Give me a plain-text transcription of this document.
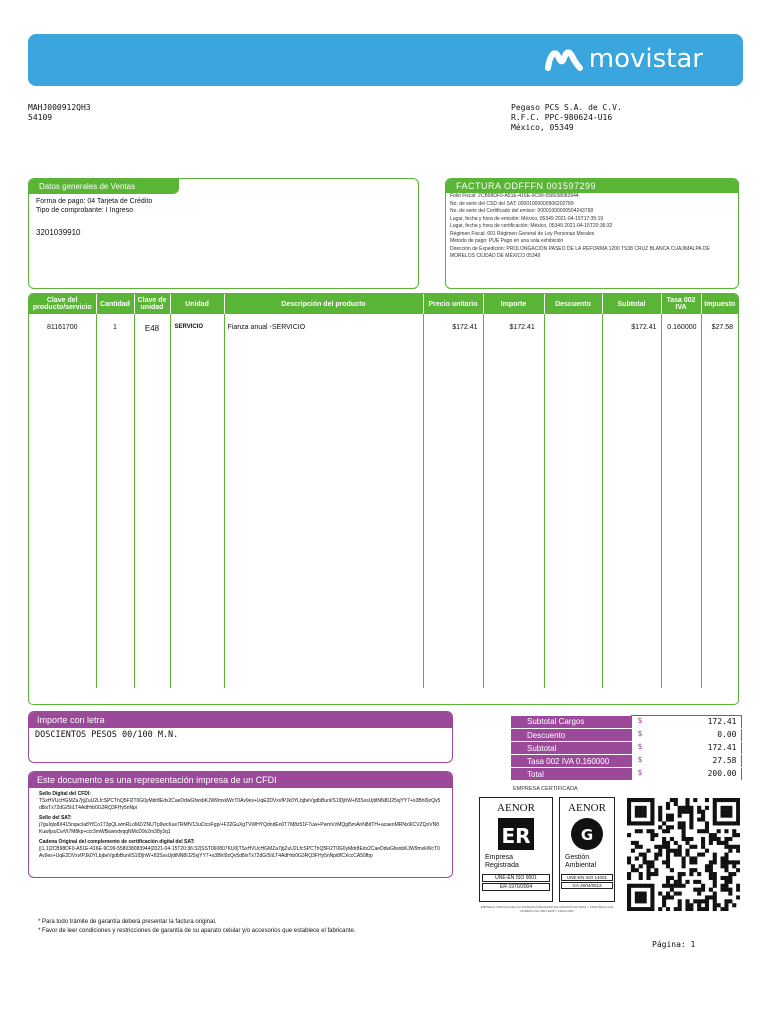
movistar
MAHJ000912QH3
54109
Pegaso PCS S.A. de C.V.
R.F.C. PPC-980624-U16
México, 05349
Datos generales de Ventas
Forma de pago: 04 Tarjeta de Crédito
Tipo de comprobante: I Ingreso
3201039910
FACTURA ODFFFN 001597299
Folio Fiscal: 2CB98DF0-A51E-416E-9C99-558038083944
No. de serie del CSD del SAT: 00001000000506202789
No. de serie del Certificado del emisor: 00001000000504243768
Lugar, fecha y hora de emisión: México, 05349 2021-04-15T17:35:19
Lugar, fecha y hora de certificación: México, 05349 2021-04-15T20:36:32
Régimen Fiscal: 601 Régimen General de Ley Personas Morales
Método de pago: PUE Pago en una sola exhibición
Dirección de Expedición: PROLONGACIÓN PASEO DE LA REFORMA 1200 TS38 CRUZ BLANCA CUAJIMALPA DE MORELOS CIUDAD DE MÉXICO 05349
Clave del producto/servicio	Cantidad	Clave de unidad	Unidad	Descripción del producto	Precio unitario	Importe	Descuento	Subtotal	Tasa 002 IVA	Impuesto
81161700	1	E48	SERVICIO	Fianza anual -SERVICIO	$172.41	$172.41		$172.41	0.160000	$27.58
Importe con letra
DOSCIENTOS PESOS 00/100 M.N.
Subtotal Cargos	$ 172.41
Descuento	$ 0.00
Subtotal	$ 172.41
Tasa 002 IVA 0.160000	$ 27.58
Total	$ 200.00
Este documento es una representación impresa de un CFDI
Sello Digital del CFDI:
TSxHVUcHGMZa7jtjZuU2LfcSPCThQ5Fi2T0G0yMdr8Edx2CaeDdwGfwsbKJW9mxkWcT0Av9es+UqE2DVxvfPJk0YLbjbeVgdbBunl/S1lDjhW+83SvsUjtitNN8IJ25xjYY7+o3BhI9zQv5d8ixTx72dG/5IiLT4AdHrb0G3RQ3FHy5nNpi
Sello del SAT:
j7guIqlo8X415nqacIa8YfCo1T3pQLwmRLoMZ/ZNUTp9wcKax7RMfV13uCtcsFgp/+F32GuXgTVWHYQdndEn0T7M8z51F7uw+PwmVzMQgl5mAnN8dTH+acaeoMRNx9ICVZQoVN8KuwIjsuCwVt7M8kp+ccr3mWBawodvqqNMcD9x2m38y3q1
Cadena Original del complemento de certificación digital del SAT:
||1.1|2CB98DF0-A51E-416E-9C99-558038083944|2021-04-15T20:36:32|SST060807KU0|TSxHVUcHGMZa7jtjZuU2LfcSPCThQ5Fi2T0G0yMdr8Edx2CaeDdwGfwsbKJW9mxkWcT0Av9es+UqE2DVxvfPJk0YLbjbeVgdbBunl/S1lDjhW+83SvsUjtitNN8IJ25xjYY7+o3BhI9zQv5d8ixTx72dG/5IiLT4AdHrb0G3RQ3FHy5nNpi8fCXccCA50fbp
EMPRESA CERTIFICADA
AENOR
ER
Empresa
Registrada
UNE-EN ISO 9001
ER-1970/2004
AENOR
G
Gestión
Ambiental
UNE-EN ISO 14001
GA-2004/0513
EMPRESA CERTIFICADA SU SISTEMA INTEGRADO DE GESTIÓN ISO 9001 Y 14001 BAJO LAS NORMAS ISO 9001:2008 Y 14001:2004
* Para todo trámite de garantía deberá presentar la factura original.
* Favor de leer condiciones y restricciones de garantía de su aparato celular y/o accesorios que establece el fabricante.
Página: 1
